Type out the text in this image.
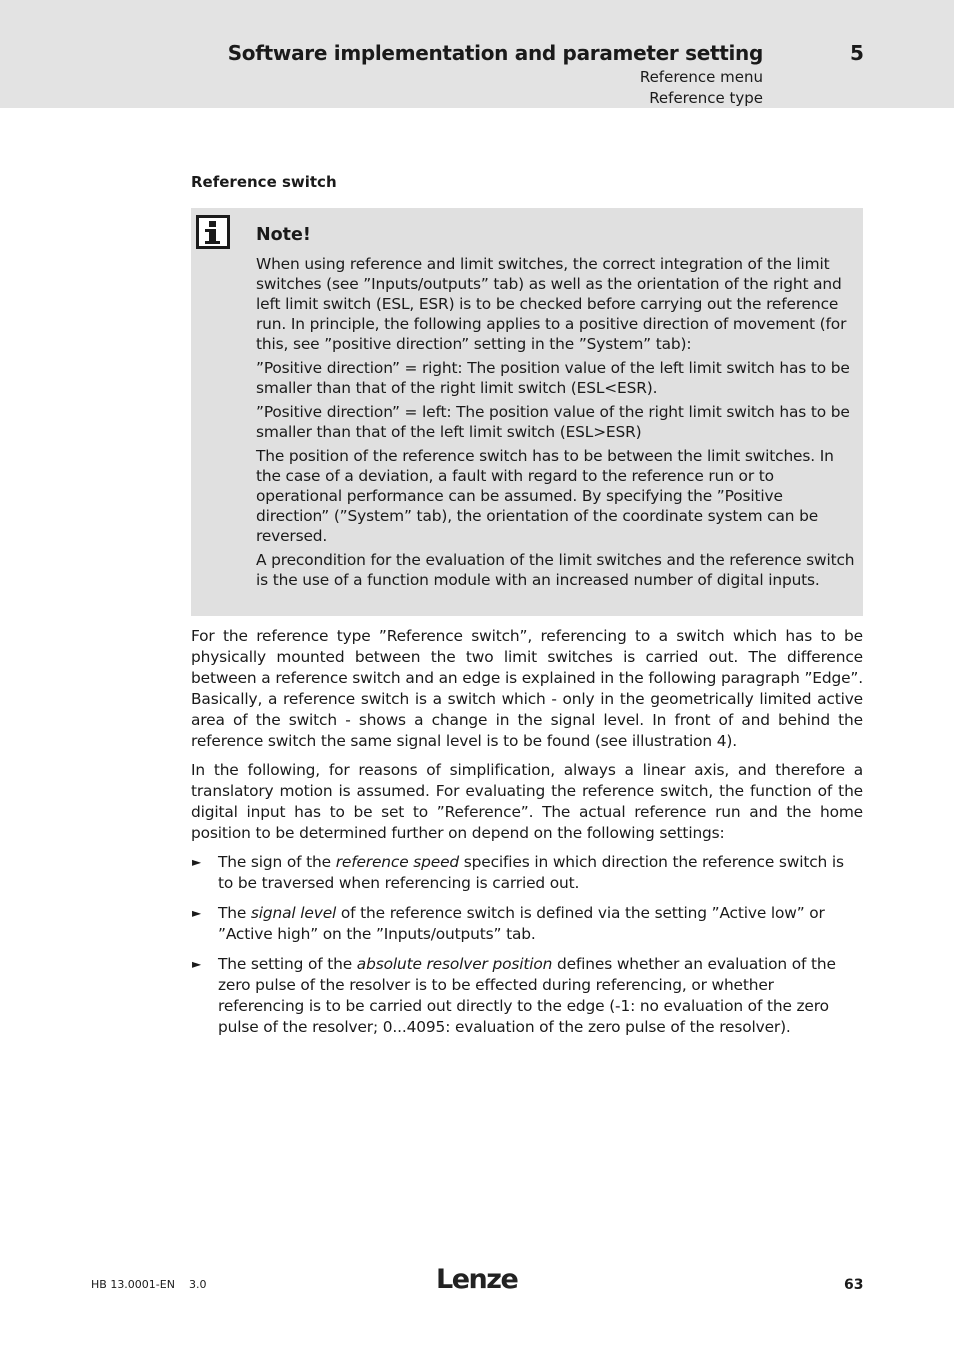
Software implementation and parameter setting	5
Reference menu
Reference type
Reference switch
Note!

When using reference and limit switches, the correct integration of the limit switches (see ”Inputs/outputs” tab) as well as the orientation of the right and left limit switch (ESL, ESR) is to be checked before carrying out the reference run. In principle, the following applies to a positive direction of movement (for this, see ”positive direction” setting in the ”System” tab):

”Positive direction” = right: The position value of the left limit switch has to be smaller than that of the right limit switch (ESL<ESR).

”Positive direction” = left: The position value of the right limit switch has to be smaller than that of the left limit switch (ESL>ESR)

The position of the reference switch has to be between the limit switches. In the case of a deviation, a fault with regard to the reference run or to operational performance can be assumed. By specifying the ”Positive direction” (”System” tab), the orientation of the coordinate system can be reversed.

A precondition for the evaluation of the limit switches and the reference switch is the use of a function module with an increased number of digital inputs.

For the reference type ”Reference switch”, referencing to a switch which has to be physically mounted between the two limit switches is carried out. The difference between a reference switch and an edge is explained in the following paragraph ”Edge”. Basically, a reference switch is a switch which - only in the geometrically limited active area of the switch - shows a change in the signal level. In front of and behind the reference switch the same signal level is to be found (see illustration 4).
In the following, for reasons of simplification, always a linear axis, and therefore a translatory motion is assumed. For evaluating the reference switch, the function of the digital input has to be set to ”Reference”. The actual reference run and the home position to be determined further on depend on the following settings:
► The sign of the reference speed specifies in which direction the reference switch is to be traversed when referencing is carried out.
► The signal level of the reference switch is defined via the setting ”Active low” or ”Active high” on the ”Inputs/outputs” tab.
► The setting of the absolute resolver position defines whether an evaluation of the zero pulse of the resolver is to be effected during referencing, or whether referencing is to be carried out directly to the edge (-1: no evaluation of the zero pulse of the resolver; 0...4095: evaluation of the zero pulse of the resolver).
HB 13.0001-EN 3.0	Lenze	63
